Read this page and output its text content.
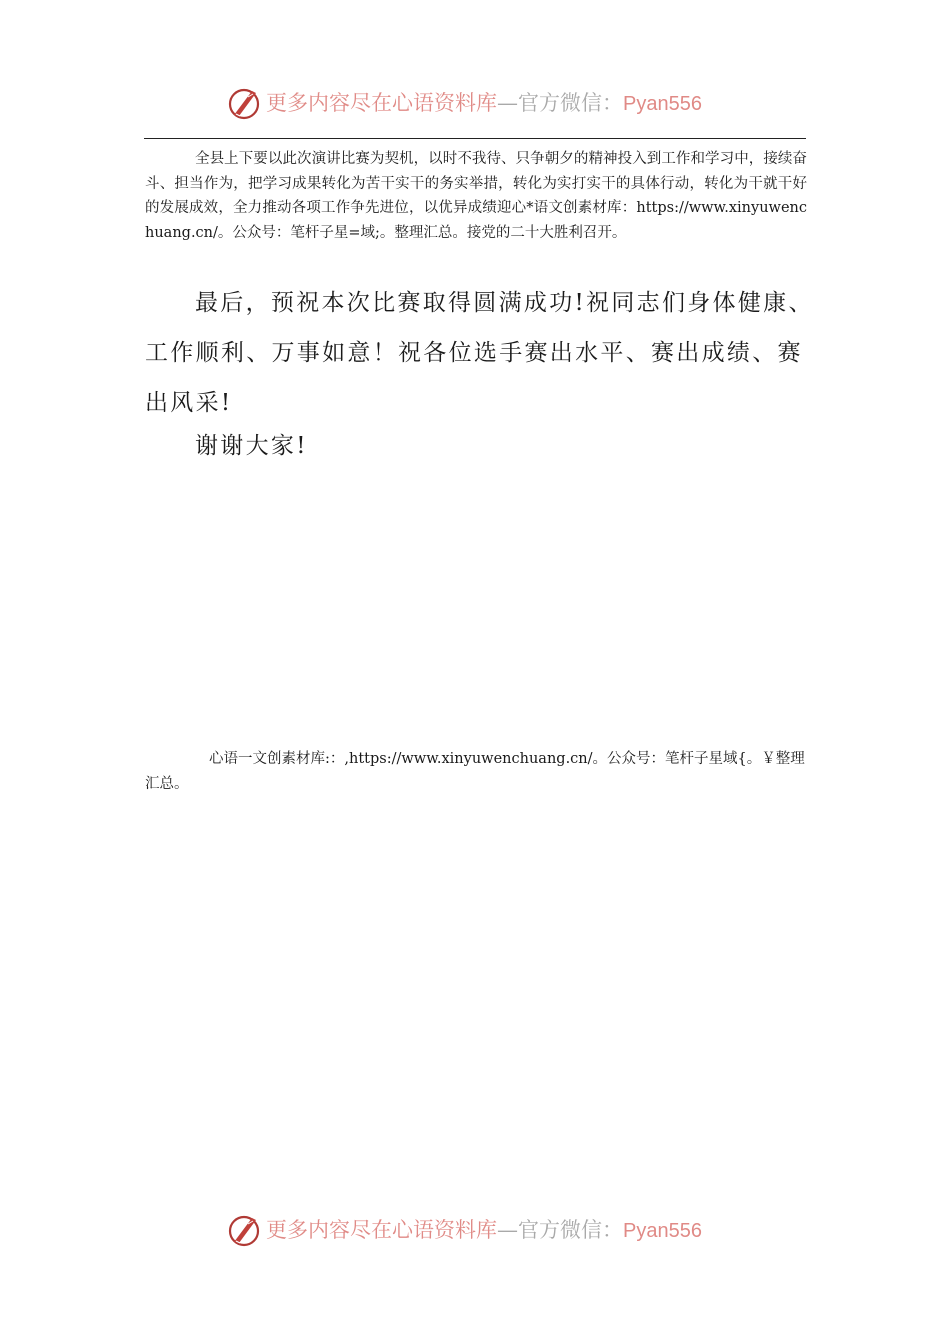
更多内容尽在心语资料库—官方微信：Pyan556
全县上下要以此次演讲比赛为契机，以时不我待、只争朝夕的精神投入到工作和学习中，接续奋斗、担当作为，把学习成果转化为苦干实干的务实举措，转化为实打实干的具体行动，转化为干就干好的发展成效，全力推动各项工作争先进位，以优异成绩迎心*语文创素材库：https://www.xinyuwenchuang.cn/。公众号：笔杆子星=域;。整理汇总。接党的二十大胜利召开。
最后，预祝本次比赛取得圆满成功!祝同志们身体健康、工作顺利、万事如意！祝各位选手赛出水平、赛出成绩、赛出风采!
谢谢大家!
心语一文创素材库:：,https://www.xinyuwenchuang.cn/。公众号：笔杆子星域{。￥整理汇总。
更多内容尽在心语资料库—官方微信：Pyan556
